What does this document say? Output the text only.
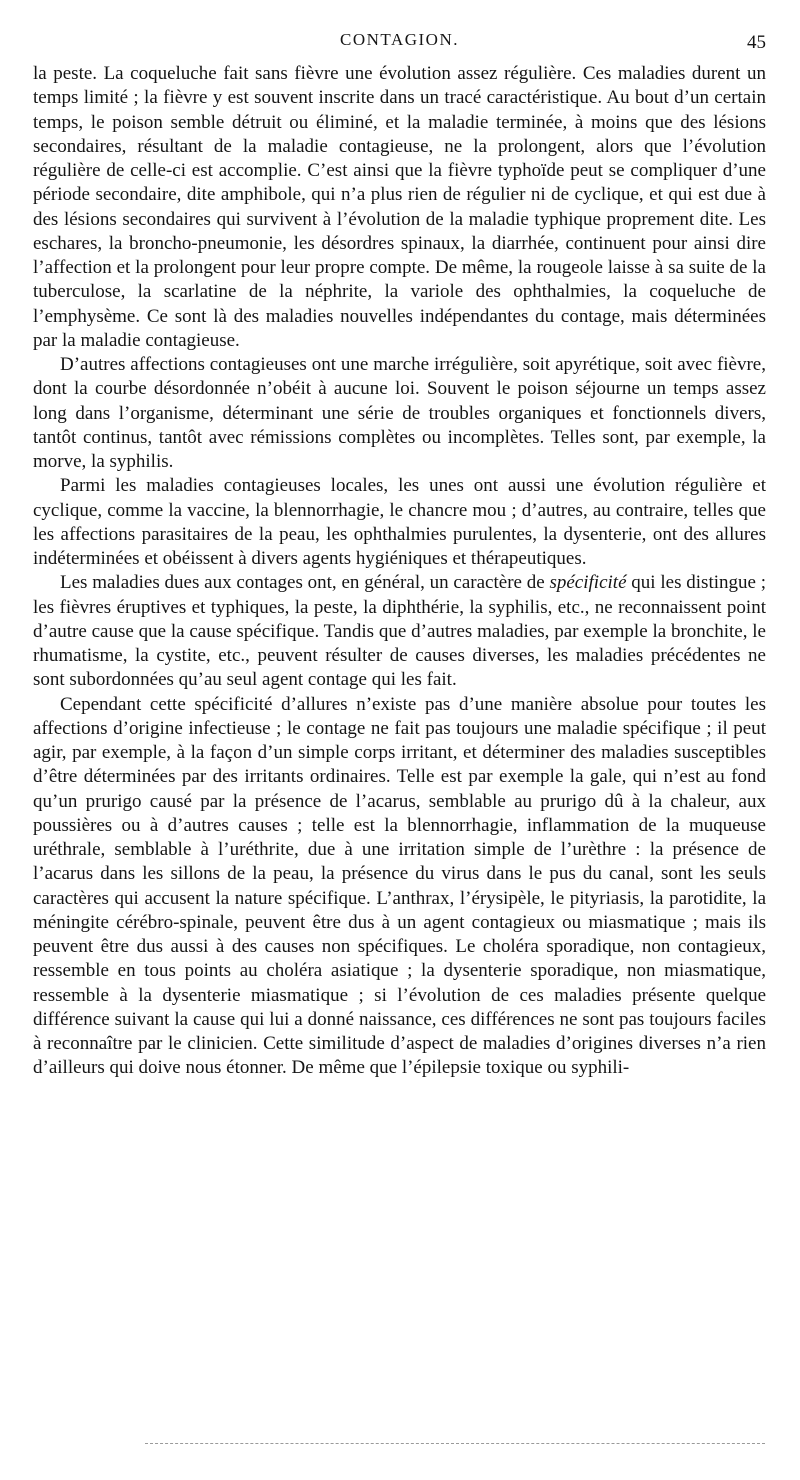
CONTAGION.	45

la peste. La coqueluche fait sans fièvre une évolution assez régulière. Ces maladies durent un temps limité ; la fièvre y est souvent inscrite dans un tracé caractéristique. Au bout d’un certain temps, le poison semble détruit ou éliminé, et la maladie terminée, à moins que des lésions secondaires, résultant de la maladie contagieuse, ne la prolongent, alors que l’évolution régulière de celle-ci est accomplie. C’est ainsi que la fièvre typhoïde peut se compliquer d’une période secondaire, dite amphibole, qui n’a plus rien de régulier ni de cyclique, et qui est due à des lésions secondaires qui survivent à l’évolution de la maladie typhique proprement dite. Les eschares, la broncho-pneumonie, les désordres spinaux, la diarrhée, continuent pour ainsi dire l’affection et la prolongent pour leur propre compte. De même, la rougeole laisse à sa suite de la tuberculose, la scarlatine de la néphrite, la variole des ophthalmies, la coqueluche de l’emphysème. Ce sont là des maladies nouvelles indépendantes du contage, mais déterminées par la maladie contagieuse.

D’autres affections contagieuses ont une marche irrégulière, soit apyrétique, soit avec fièvre, dont la courbe désordonnée n’obéit à aucune loi. Souvent le poison séjourne un temps assez long dans l’organisme, déterminant une série de troubles organiques et fonctionnels divers, tantôt continus, tantôt avec rémissions complètes ou incomplètes. Telles sont, par exemple, la morve, la syphilis.

Parmi les maladies contagieuses locales, les unes ont aussi une évolution régulière et cyclique, comme la vaccine, la blennorrhagie, le chancre mou ; d’autres, au contraire, telles que les affections parasitaires de la peau, les ophthalmies purulentes, la dysenterie, ont des allures indéterminées et obéissent à divers agents hygiéniques et thérapeutiques.

Les maladies dues aux contages ont, en général, un caractère de spécificité qui les distingue ; les fièvres éruptives et typhiques, la peste, la diphthérie, la syphilis, etc., ne reconnaissent point d’autre cause que la cause spécifique. Tandis que d’autres maladies, par exemple la bronchite, le rhumatisme, la cystite, etc., peuvent résulter de causes diverses, les maladies précédentes ne sont subordonnées qu’au seul agent contage qui les fait.

Cependant cette spécificité d’allures n’existe pas d’une manière absolue pour toutes les affections d’origine infectieuse ; le contage ne fait pas toujours une maladie spécifique ; il peut agir, par exemple, à la façon d’un simple corps irritant, et déterminer des maladies susceptibles d’être déterminées par des irritants ordinaires. Telle est par exemple la gale, qui n’est au fond qu’un prurigo causé par la présence de l’acarus, semblable au prurigo dû à la chaleur, aux poussières ou à d’autres causes ; telle est la blennorrhagie, inflammation de la muqueuse uréthrale, semblable à l’uréthrite, due à une irritation simple de l’urèthre : la présence de l’acarus dans les sillons de la peau, la présence du virus dans le pus du canal, sont les seuls caractères qui accusent la nature spécifique. L’anthrax, l’érysipèle, le pityriasis, la parotidite, la méningite cérébro-spinale, peuvent être dus à un agent contagieux ou miasmatique ; mais ils peuvent être dus aussi à des causes non spécifiques. Le choléra sporadique, non contagieux, ressemble en tous points au choléra asiatique ; la dysenterie sporadique, non miasmatique, ressemble à la dysenterie miasmatique ; si l’évolution de ces maladies présente quelque différence suivant la cause qui lui a donné naissance, ces différences ne sont pas toujours faciles à reconnaître par le clinicien. Cette similitude d’aspect de maladies d’origines diverses n’a rien d’ailleurs qui doive nous étonner. De même que l’épilepsie toxique ou syphili-
